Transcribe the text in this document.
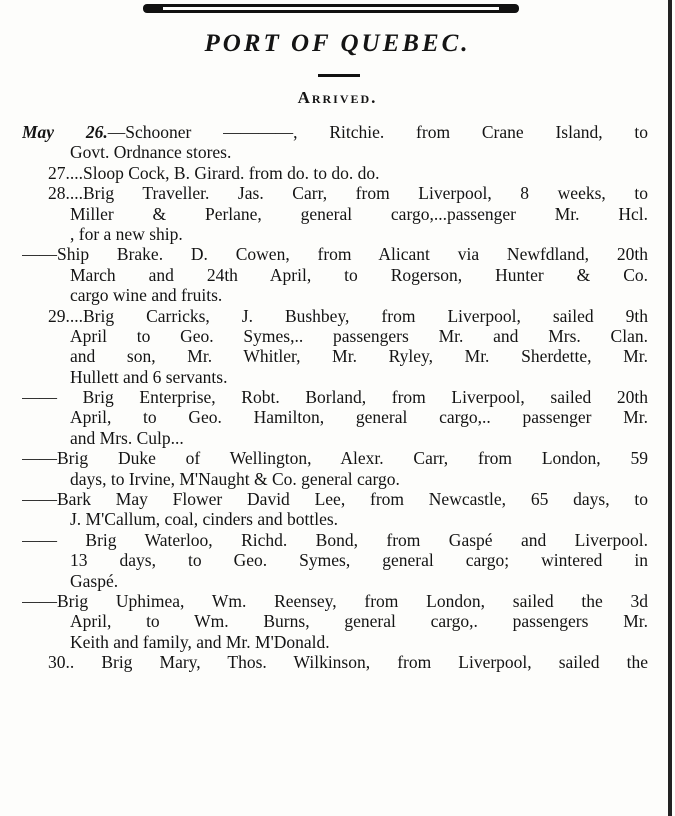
PORT OF QUEBEC.
Arrived.
May 26.—Schooner ————, Ritchie. from Crane Island, to
Govt. Ordnance stores.
27....Sloop Cock, B. Girard. from do. to do. do.
28....Brig Traveller. Jas. Carr, from Liverpool, 8 weeks, to
Miller & Perlane, general cargo,...passenger Mr. Hcl.
, for a new ship.
——Ship Brake. D. Cowen, from Alicant via Newfdland, 20th
March and 24th April, to Rogerson, Hunter & Co.
cargo wine and fruits.
29....Brig Carricks, J. Bushbey, from Liverpool, sailed 9th
April to Geo. Symes,.. passengers Mr. and Mrs. Clan.
and son, Mr. Whitler, Mr. Ryley, Mr. Sherdette, Mr.
Hullett and 6 servants.
—— Brig Enterprise, Robt. Borland, from Liverpool, sailed 20th
April, to Geo. Hamilton, general cargo,.. passenger Mr.
and Mrs. Culp...
——Brig Duke of Wellington, Alexr. Carr, from London, 59
days, to Irvine, M'Naught & Co. general cargo.
——Bark May Flower David Lee, from Newcastle, 65 days, to
J. M'Callum, coal, cinders and bottles.
—— Brig Waterloo, Richd. Bond, from Gaspé and Liverpool.
13 days, to Geo. Symes, general cargo; wintered in
Gaspé.
——Brig Uphimea, Wm. Reensey, from London, sailed the 3d
April, to Wm. Burns, general cargo,. passengers Mr.
Keith and family, and Mr. M'Donald.
30.. Brig Mary, Thos. Wilkinson, from Liverpool, sailed the
